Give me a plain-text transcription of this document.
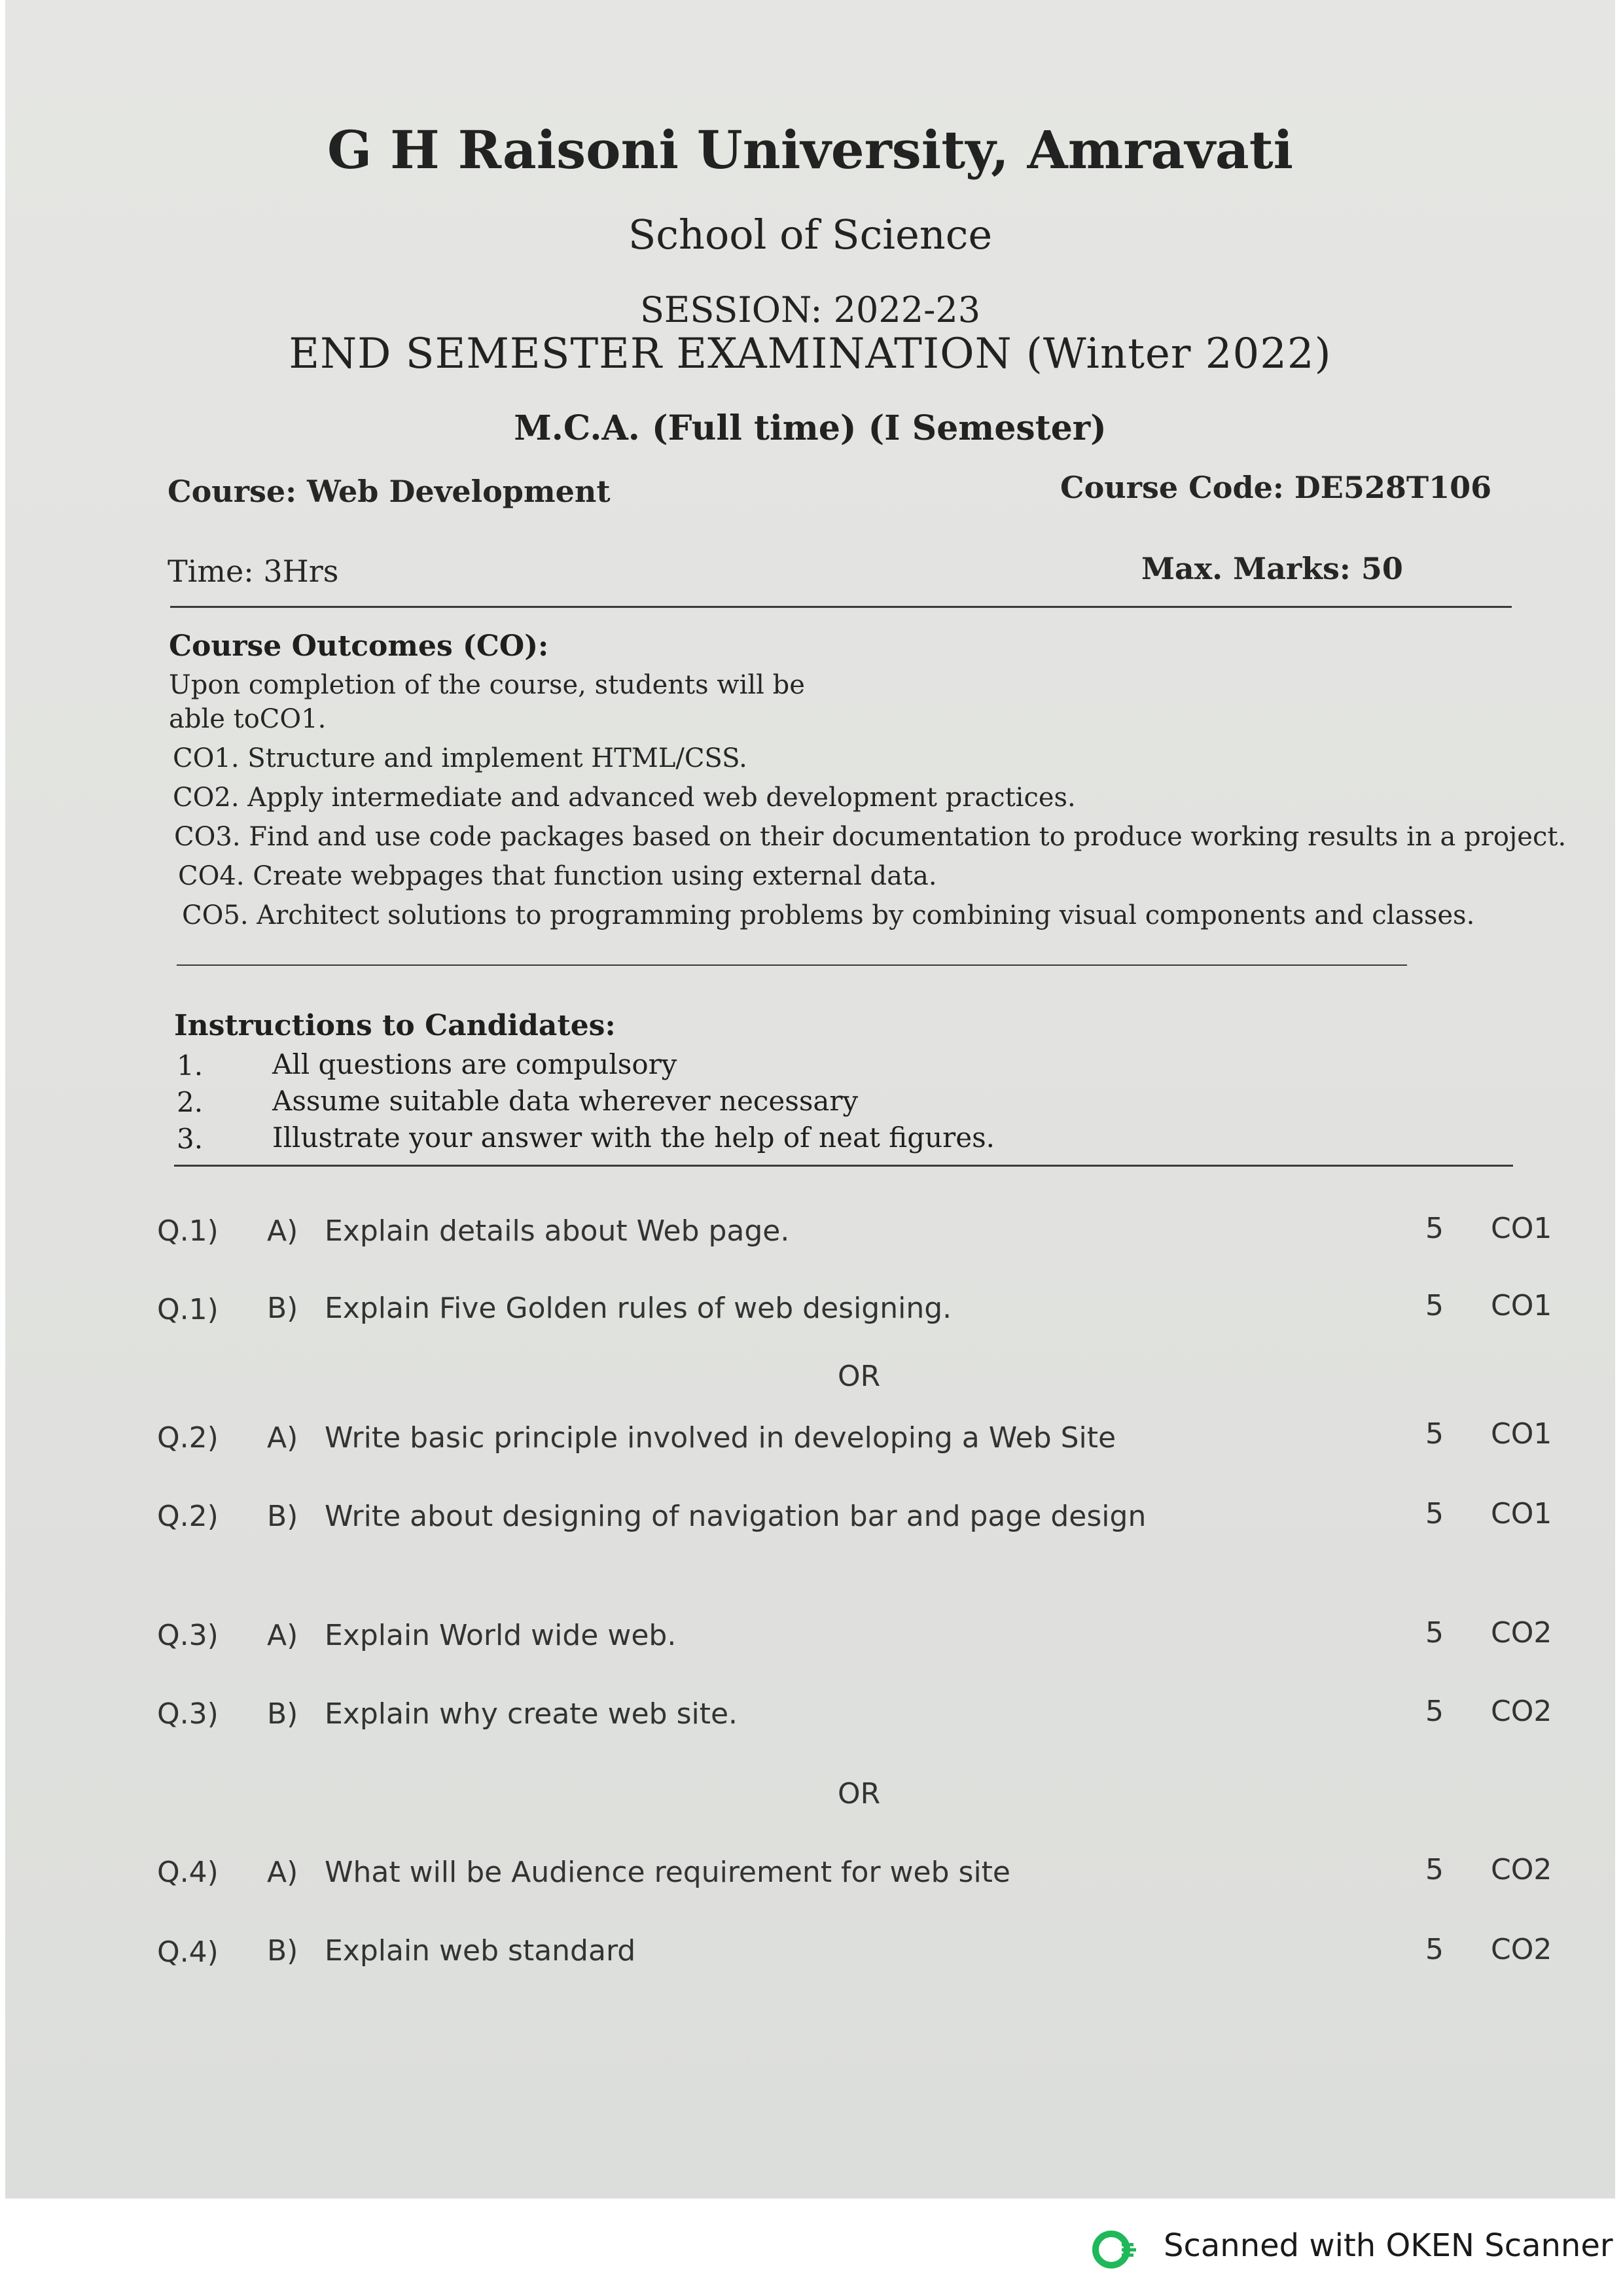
G H Raisoni University, Amravati
School of Science
SESSION: 2022-23
END SEMESTER EXAMINATION (Winter 2022)
M.C.A. (Full time) (I Semester)
Course: Web Development	Course Code: DE528T106
Time: 3Hrs	Max. Marks: 50
Course Outcomes (CO):
Upon completion of the course, students will be
able toCO1.
CO1. Structure and implement HTML/CSS.
CO2. Apply intermediate and advanced web development practices.
CO3. Find and use code packages based on their documentation to produce working results in a project.
CO4. Create webpages that function using external data.
CO5. Architect solutions to programming problems by combining visual components and classes.
Instructions to Candidates:
1.	All questions are compulsory
2.	Assume suitable data wherever necessary
3.	Illustrate your answer with the help of neat figures.
Q.1) A) Explain details about Web page.	5 CO1
Q.1) B) Explain Five Golden rules of web designing.	5 CO1
OR
Q.2) A) Write basic principle involved in developing a Web Site	5 CO1
Q.2) B) Write about designing of navigation bar and page design	5 CO1
Q.3) A) Explain World wide web.	5 CO2
Q.3) B) Explain why create web site.	5 CO2
OR
Q.4) A) What will be Audience requirement for web site	5 CO2
Q.4) B) Explain web standard	5 CO2
Scanned with OKEN Scanner
